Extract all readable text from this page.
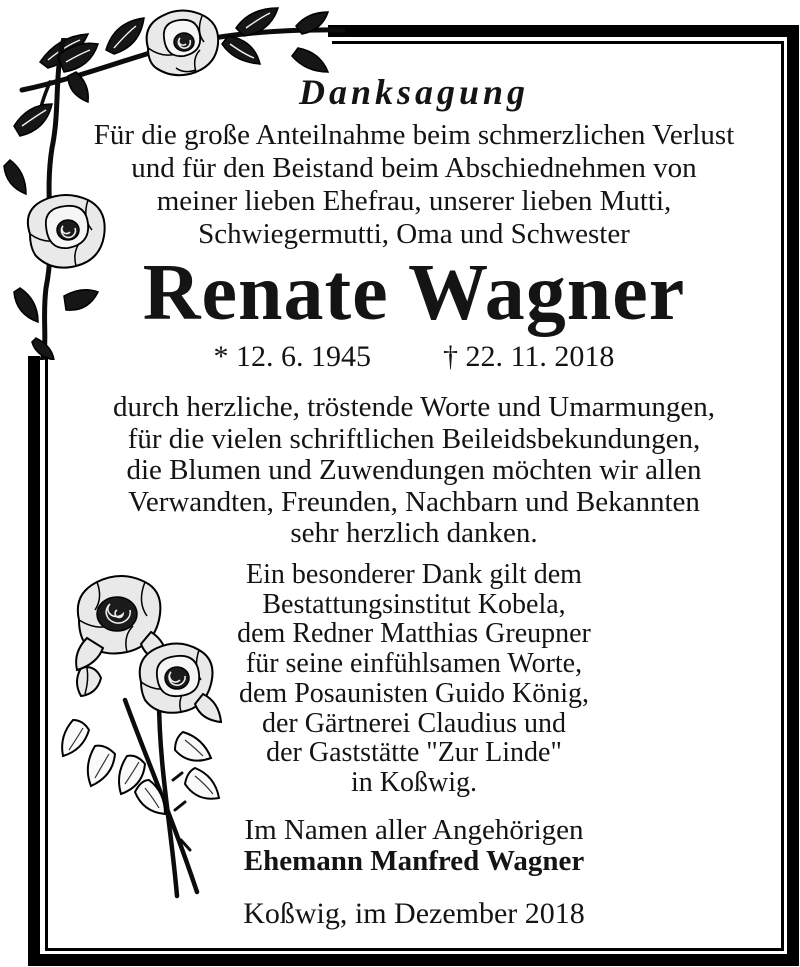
Danksagung
Für die große Anteilnahme beim schmerzlichen Verlust
und für den Beistand beim Abschiednehmen von
meiner lieben Ehefrau, unserer lieben Mutti,
Schwiegermutti, Oma und Schwester
Renate Wagner
* 12. 6. 1945 † 22. 11. 2018
durch herzliche, tröstende Worte und Umarmungen,
für die vielen schriftlichen Beileidsbekundungen,
die Blumen und Zuwendungen möchten wir allen
Verwandten, Freunden, Nachbarn und Bekannten
sehr herzlich danken.
Ein besonderer Dank gilt dem
Bestattungsinstitut Kobela,
dem Redner Matthias Greupner
für seine einfühlsamen Worte,
dem Posaunisten Guido König,
der Gärtnerei Claudius und
der Gaststätte "Zur Linde"
in Koßwig.
Im Namen aller Angehörigen
Ehemann Manfred Wagner
Koßwig, im Dezember 2018
